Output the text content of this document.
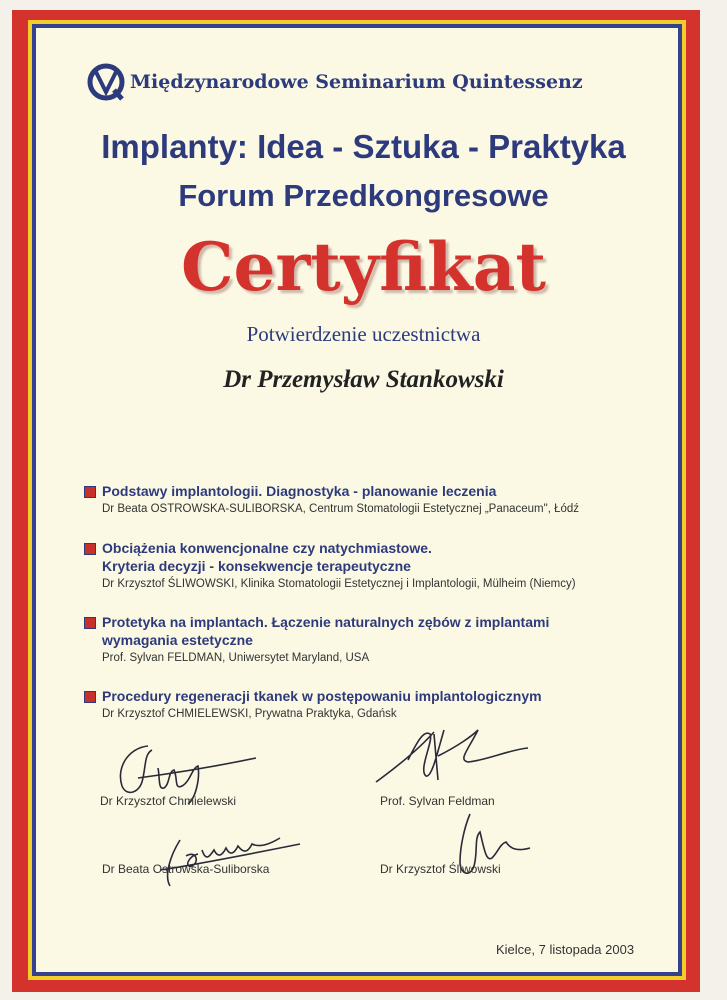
Międzynarodowe Seminarium Quintessenz
Implanty: Idea - Sztuka - Praktyka
Forum Przedkongresowe
Certyfikat
Potwierdzenie uczestnictwa
Dr Przemysław Stankowski
Podstawy implantologii. Diagnostyka - planowanie leczenia
Dr Beata OSTROWSKA-SULIBORSKA, Centrum Stomatologii Estetycznej „Panaceum", Łódź
Obciążenia konwencjonalne czy natychmiastowe.
Kryteria decyzji - konsekwencje terapeutyczne
Dr Krzysztof ŚLIWOWSKI, Klinika Stomatologii Estetycznej i Implantologii, Mülheim (Niemcy)
Protetyka na implantach. Łączenie naturalnych zębów z implantami
wymagania estetyczne
Prof. Sylvan FELDMAN, Uniwersytet Maryland, USA
Procedury regeneracji tkanek w postępowaniu implantologicznym
Dr Krzysztof CHMIELEWSKI, Prywatna Praktyka, Gdańsk
Dr Krzysztof Chmielewski	Prof. Sylvan Feldman
Dr Beata Ostrowska-Suliborska	Dr Krzysztof Śliwowski
Kielce, 7 listopada 2003
